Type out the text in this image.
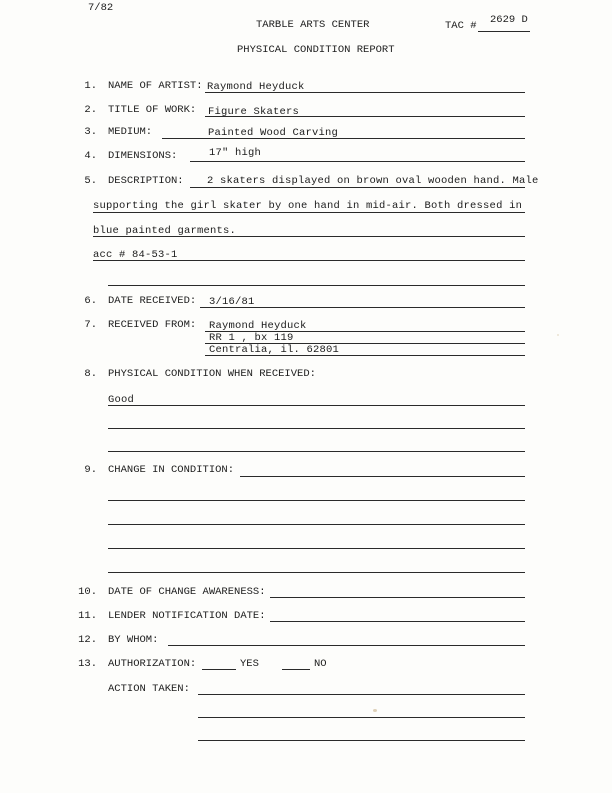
7/82
TARBLE ARTS CENTER	TAC # 2629 D
PHYSICAL CONDITION REPORT
1. NAME OF ARTIST: Raymond Heyduck
2. TITLE OF WORK: Figure Skaters
3. MEDIUM:	Painted Wood Carving
4. DIMENSIONS:	17" high
5. DESCRIPTION: 2 skaters displayed on brown oval wooden hand. Male
supporting the girl skater by one hand in mid-air. Both dressed in
blue painted garments.
acc # 84-53-1
6. DATE RECEIVED: 3/16/81
7. RECEIVED FROM: Raymond Heyduck
RR 1 , bx 119
Centralia, il. 62801
8. PHYSICAL CONDITION WHEN RECEIVED:
Good
9. CHANGE IN CONDITION:
10. DATE OF CHANGE AWARENESS:
11. LENDER NOTIFICATION DATE:
12. BY WHOM:
13. AUTHORIZATION:	YES	NO
ACTION TAKEN:
